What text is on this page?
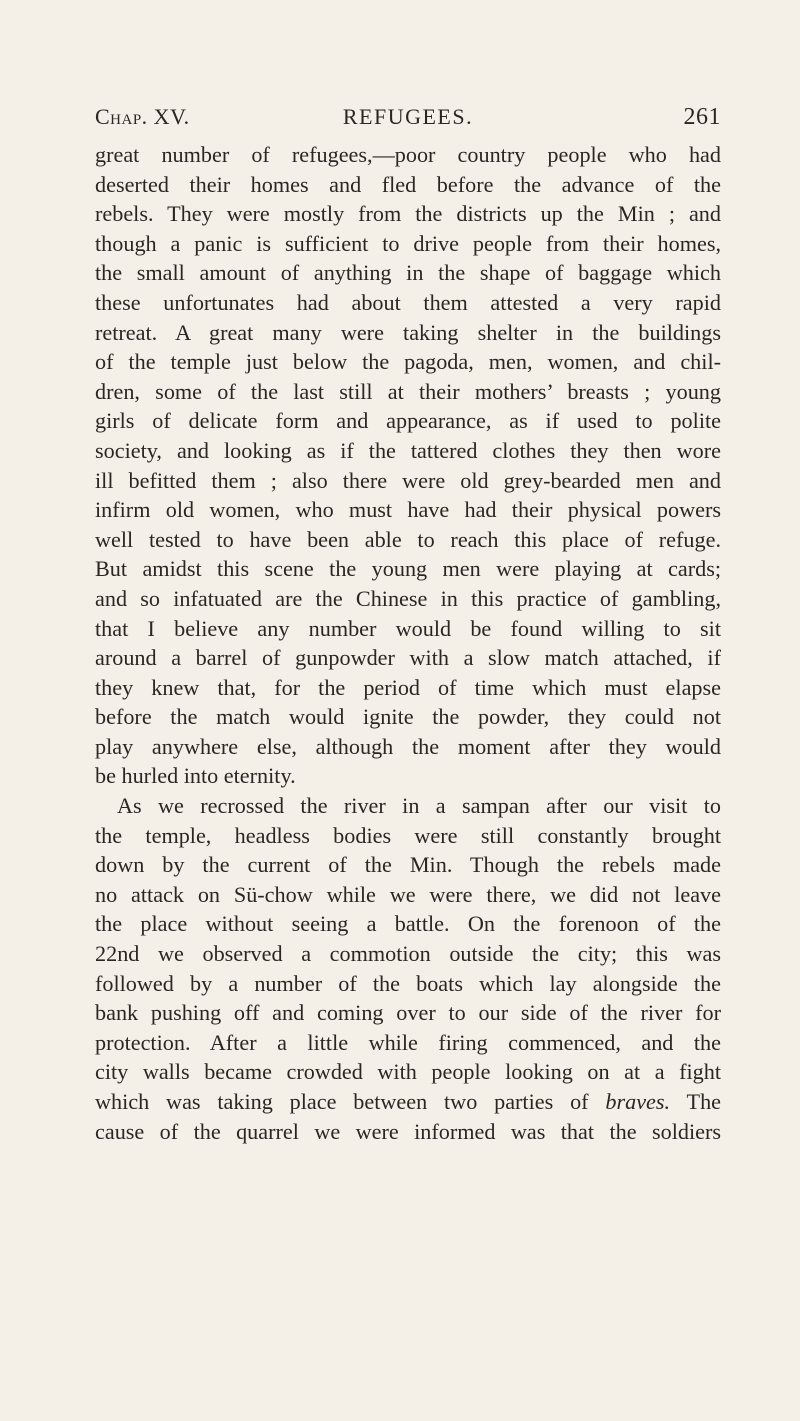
Chap. XV.	REFUGEES.	261
great number of refugees,—poor country people who had
deserted their homes and fled before the advance of the
rebels. They were mostly from the districts up the Min ; and
though a panic is sufficient to drive people from their homes,
the small amount of anything in the shape of baggage which
these unfortunates had about them attested a very rapid
retreat. A great many were taking shelter in the buildings
of the temple just below the pagoda, men, women, and chil-
dren, some of the last still at their mothers’ breasts ; young
girls of delicate form and appearance, as if used to polite
society, and looking as if the tattered clothes they then wore
ill befitted them ; also there were old grey-bearded men and
infirm old women, who must have had their physical powers
well tested to have been able to reach this place of refuge.
But amidst this scene the young men were playing at cards;
and so infatuated are the Chinese in this practice of gambling,
that I believe any number would be found willing to sit
around a barrel of gunpowder with a slow match attached, if
they knew that, for the period of time which must elapse
before the match would ignite the powder, they could not
play anywhere else, although the moment after they would
be hurled into eternity.
As we recrossed the river in a sampan after our visit to
the temple, headless bodies were still constantly brought
down by the current of the Min. Though the rebels made
no attack on Sü-chow while we were there, we did not leave
the place without seeing a battle. On the forenoon of the
22nd we observed a commotion outside the city; this was
followed by a number of the boats which lay alongside the
bank pushing off and coming over to our side of the river for
protection. After a little while firing commenced, and the
city walls became crowded with people looking on at a fight
which was taking place between two parties of braves. The
cause of the quarrel we were informed was that the soldiers
